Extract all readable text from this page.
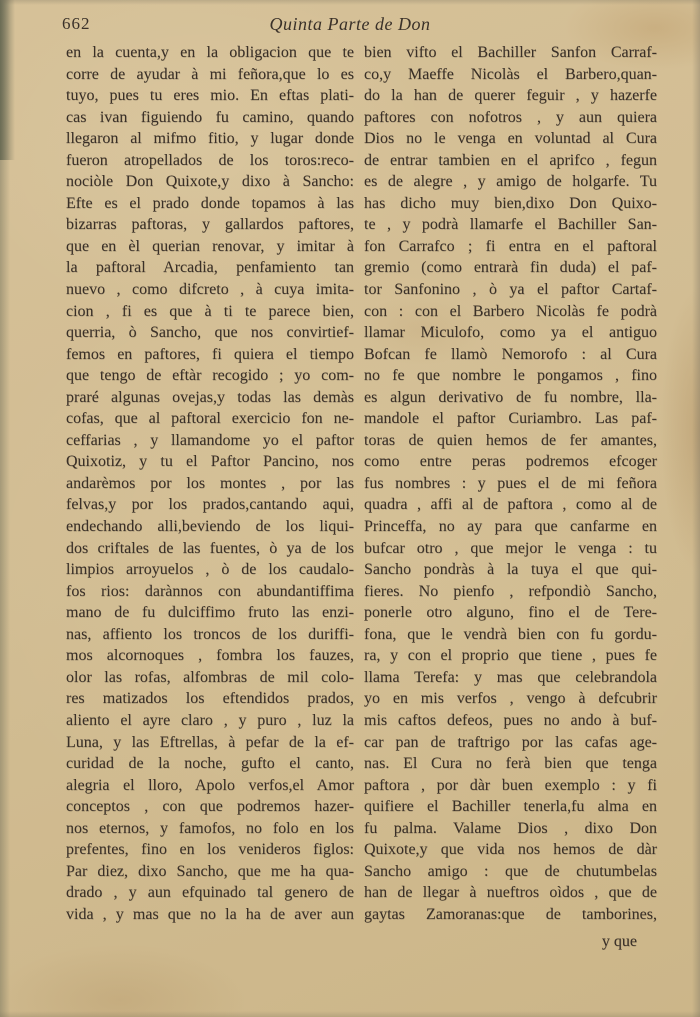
662	Quinta Parte de Don
en la cuenta,y en la obligacion que te
corre de ayudar à mi feñora,que lo es
tuyo, pues tu eres mio. En eftas plati-
cas ivan figuiendo fu camino, quando
llegaron al mifmo fitio, y lugar donde
fueron atropellados de los toros:reco-
nociòle Don Quixote,y dixo à Sancho:
Efte es el prado donde topamos à las
bizarras paftoras, y gallardos paftores,
que en èl querian renovar, y imitar à
la paftoral Arcadia, penfamiento tan
nuevo , como difcreto , à cuya imita-
cion , fi es que à ti te parece bien,
querria, ò Sancho, que nos convirtief-
femos en paftores, fi quiera el tiempo
que tengo de eftàr recogido ; yo com-
praré algunas ovejas,y todas las demàs
cofas, que al paftoral exercicio fon ne-
ceffarias , y llamandome yo el paftor
Quixotiz, y tu el Paftor Pancino, nos
andarèmos por los montes , por las
felvas,y por los prados,cantando aqui,
endechando alli,beviendo de los liqui-
dos criftales de las fuentes, ò ya de los
limpios arroyuelos , ò de los caudalo-
fos rios: darànnos con abundantiffima
mano de fu dulciffimo fruto las enzi-
nas, affiento los troncos de los duriffi-
mos alcornoques , fombra los fauzes,
olor las rofas, alfombras de mil colo-
res matizados los eftendidos prados,
aliento el ayre claro , y puro , luz la
Luna, y las Eftrellas, à pefar de la ef-
curidad de la noche, gufto el canto,
alegria el lloro, Apolo verfos,el Amor
conceptos , con que podremos hazer-
nos eternos, y famofos, no folo en los
prefentes, fino en los venideros figlos:
Par diez, dixo Sancho, que me ha qua-
drado , y aun efquinado tal genero de
vida , y mas que no la ha de aver aun
bien vifto el Bachiller Sanfon Carraf-
co,y Maeffe Nicolàs el Barbero,quan-
do la han de querer feguir , y hazerfe
paftores con nofotros , y aun quiera
Dios no le venga en voluntad al Cura
de entrar tambien en el aprifco , fegun
es de alegre , y amigo de holgarfe. Tu
has dicho muy bien,dixo Don Quixo-
te , y podrà llamarfe el Bachiller San-
fon Carrafco ; fi entra en el paftoral
gremio (como entrarà fin duda) el paf-
tor Sanfonino , ò ya el paftor Cartaf-
con : con el Barbero Nicolàs fe podrà
llamar Miculofo, como ya el antiguo
Bofcan fe llamò Nemorofo : al Cura
no fe que nombre le pongamos , fino
es algun derivativo de fu nombre, lla-
mandole el paftor Curiambro. Las paf-
toras de quien hemos de fer amantes,
como entre peras podremos efcoger
fus nombres : y pues el de mi feñora
quadra , affi al de paftora , como al de
Princeffa, no ay para que canfarme en
bufcar otro , que mejor le venga : tu
Sancho pondràs à la tuya el que qui-
fieres. No pienfo , refpondiò Sancho,
ponerle otro alguno, fino el de Tere-
fona, que le vendrà bien con fu gordu-
ra, y con el proprio que tiene , pues fe
llama Terefa: y mas que celebrandola
yo en mis verfos , vengo à defcubrir
mis caftos defeos, pues no ando à buf-
car pan de traftrigo por las cafas age-
nas. El Cura no ferà bien que tenga
paftora , por dàr buen exemplo : y fi
quifiere el Bachiller tenerla,fu alma en
fu palma. Valame Dios , dixo Don
Quixote,y que vida nos hemos de dàr
Sancho amigo : que de chutumbelas
han de llegar à nueftros oìdos , que de
gaytas Zamoranas:que de tamborines,
y que
